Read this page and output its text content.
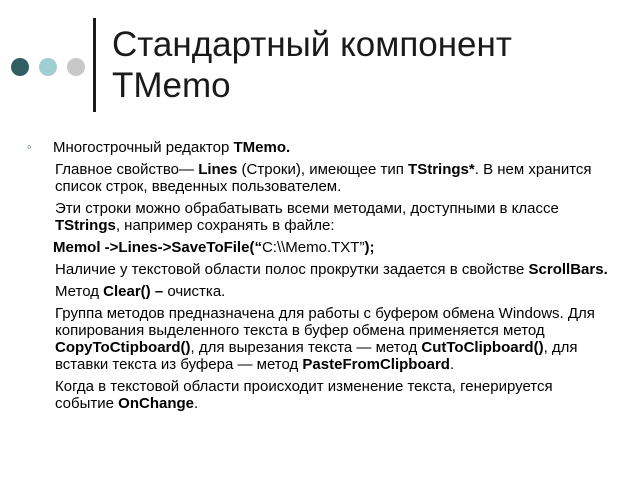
Стандартный компонент
TMemo
◦ Многострочный редактор TMemo.

Главное свойство— Lines (Строки), имеющее тип TStrings*. В нем хранится список строк, введенных пользователем.

Эти строки можно обрабатывать всеми методами, доступными в классе TStrings, например сохранять в файле:

Memol ->Lines->SaveToFile(“C:\\Memo.TXT”);

Наличие у текстовой области полос прокрутки задается в свойстве ScrollBars.

Метод Clear() – очистка.

Группа методов предназначена для работы с буфером обмена Windows. Для копирования выделенного текста в буфер обмена применяется метод CopyToCtipboard(), для вырезания текста — метод CutToClipboard(), для вставки текста из буфера — метод PasteFromClipboard.

Когда в текстовой области происходит изменение текста, генерируется событие OnChange.
